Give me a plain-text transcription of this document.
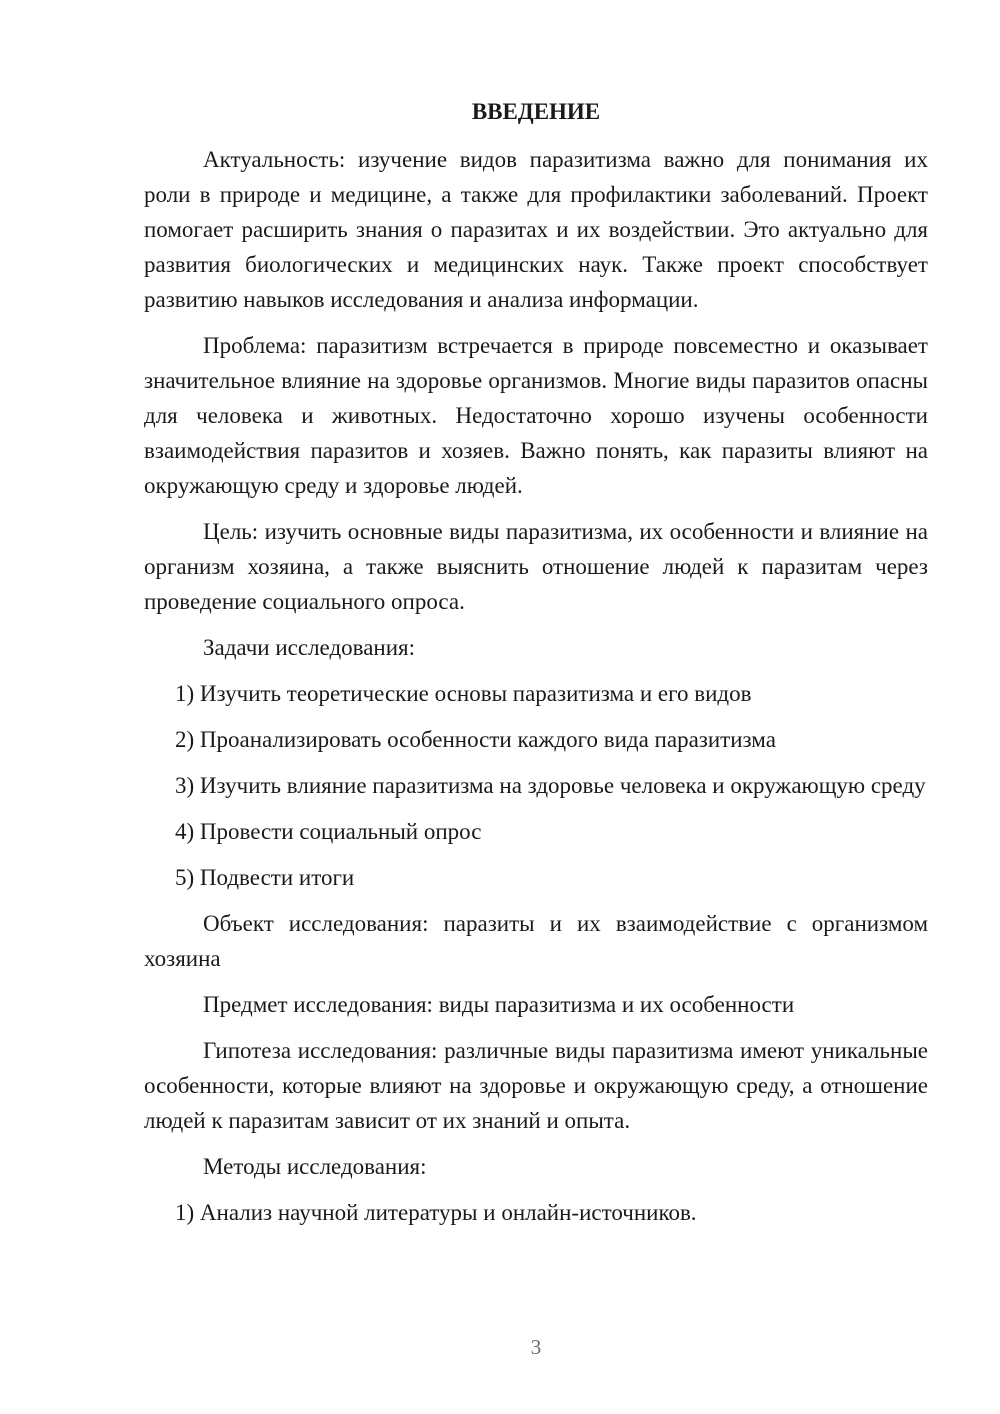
ВВЕДЕНИЕ

Актуальность: изучение видов паразитизма важно для понимания их роли в природе и медицине, а также для профилактики заболеваний. Проект помогает расширить знания о паразитах и их воздействии. Это актуально для развития биологических и медицинских наук. Также проект способствует развитию навыков исследования и анализа информации.

Проблема: паразитизм встречается в природе повсеместно и оказывает значительное влияние на здоровье организмов. Многие виды паразитов опасны для человека и животных. Недостаточно хорошо изучены особенности взаимодействия паразитов и хозяев. Важно понять, как паразиты влияют на окружающую среду и здоровье людей.

Цель: изучить основные виды паразитизма, их особенности и влияние на организм хозяина, а также выяснить отношение людей к паразитам через проведение социального опроса.

Задачи исследования:

1) Изучить теоретические основы паразитизма и его видов

2) Проанализировать особенности каждого вида паразитизма

3) Изучить влияние паразитизма на здоровье человека и окружающую среду

4) Провести социальный опрос

5) Подвести итоги

Объект исследования: паразиты и их взаимодействие с организмом хозяина

Предмет исследования: виды паразитизма и их особенности

Гипотеза исследования: различные виды паразитизма имеют уникальные особенности, которые влияют на здоровье и окружающую среду, а отношение людей к паразитам зависит от их знаний и опыта.

Методы исследования:

1) Анализ научной литературы и онлайн-источников.

3
